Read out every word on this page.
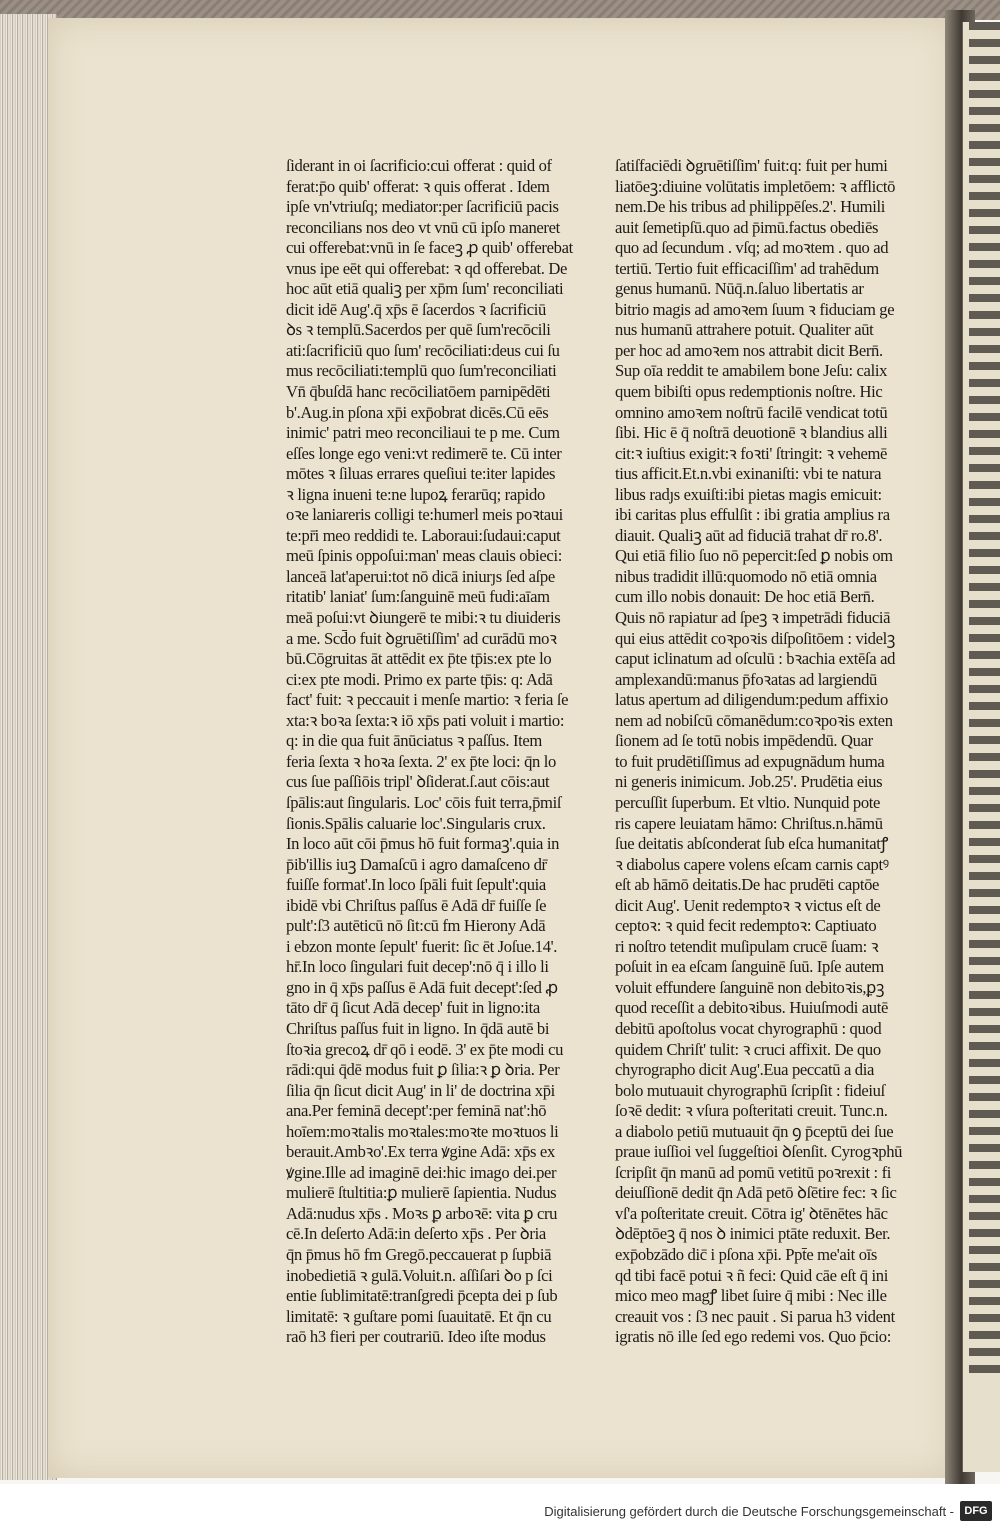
ſiderant in oi ſacrificio:cui offerat : quid of
ferat:p̄o quib' offerat: ꝛ quis offerat . Idem
ipſe vn'vtriuſq; mediator:per ſacrificiū pacis
reconcilians nos deo vt vnū cū ipſo maneret
cui offerebat:vnū in ſe faceꝫ ꝓ quib' offerebat
vnus ipe eēt qui offerebat: ꝛ qd offerebat. De
hoc aūt etiā qualiꝫ per xp̄m ſum' reconciliati
dicit idē Aug'.q̄ xp̄s ē ſacerdos ꝛ ſacrificiū
ꝺs ꝛ templū.Sacerdos per quē ſum'recōcili
ati:ſacrificiū quo ſum' recōciliati:deus cui ſu
mus recōciliati:templū quo ſum'reconciliati
Vn̄ q̄buſdā hanc recōciliatōem parnipēdēti
b'.Aug.in pſona xp̄i exp̄obrat dicēs.Cū eēs
inimic' patri meo reconciliaui te p me. Cum
eſſes longe ego veni:vt redimerē te. Cū inter
mōtes ꝛ ſiluas errares queſiui te:iter lapides
ꝛ ligna inueni te:ne lupoꝝ ferarūq; rapido
oꝛe laniareris colligi te:humerl meis poꝛtaui
te:pr̄i meo reddidi te. Laboraui:ſudaui:caput
meū ſpinis oppoſui:man' meas clauis obieci:
lanceā lat'aperui:tot nō dicā iniurȷs ſed aſpe
ritatib' laniat' ſum:ſanguinē meū fudi:aīam
meā poſui:vt ꝺiungerē te mibi:ꝛ tu diuideris
a me. Scd̄o fuit ꝺgruētiſſim' ad curādū moꝛ
bū.Cōgruitas āt attēdit ex p̄te tp̄is:ex pte lo
ci:ex pte modi. Primo ex parte tp̄is: q: Adā
fact' fuit: ꝛ peccauit i menſe martio: ꝛ feria ſe
xta:ꝛ boꝛa ſexta:ꝛ iō xp̄s pati voluit i martio:
q: in die qua fuit ānūciatus ꝛ paſſus. Item
feria ſexta ꝛ hoꝛa ſexta. 2' ex p̄te loci: q̄n lo
cus ſue paſſiōis tripl' ꝺſiderat.ſ.aut cōis:aut
ſpālis:aut ſingularis. Loc' cōis fuit terra,p̄miſ
ſionis.Spālis caluarie loc'.Singularis crux.
In loco aūt cōi p̄mus hō fuit formaꝫ'.quia in
p̄ib'illis iuꝫ Damaſcū i agro damaſceno dr̄
fuiſſe format'.In loco ſpāli fuit ſepult':quia
ibidē vbi Chriſtus paſſus ē Adā dr̄ fuiſſe ſe
pult':ſ3 autēticū nō ſit:cū fm Hierony Adā
i ebzon monte ſepult' fuerit: ſic ēt Joſue.14'.
hr̄.In loco ſingulari fuit decep':nō q̄ i illo li
gno in q̄ xp̄s paſſus ē Adā fuit decept':ſed ꝓ
tāto dr̄ q̄ ſicut Adā decep' fuit in ligno:ita
Chriſtus paſſus fuit in ligno. In q̄dā autē bi
ſtoꝛia grecoꝝ dr̄ qō i eodē. 3' ex p̄te modi cu
rādi:qui q̄dē modus fuit ꝑ ſilia:ꝛ ꝑ ꝺria. Per
ſilia q̄n ſicut dicit Aug' in li' de doctrina xp̄i
ana.Per feminā decept':per feminā nat':hō
hoīem:moꝛtalis moꝛtales:moꝛte moꝛtuos li
berauit.Ambꝛo'.Ex terra ꝟgine Adā: xp̄s ex
ꝟgine.Ille ad imaginē dei:hic imago dei.per
mulierē ſtultitia:ꝑ mulierē ſapientia. Nudus
Adā:nudus xp̄s . Moꝛs ꝑ arboꝛē: vita ꝑ cru
cē.In deſerto Adā:in deſerto xp̄s . Per ꝺria
q̄n p̄mus hō fm Gregō.peccauerat p ſupbiā
inobedietiā ꝛ gulā.Voluit.n. aſſiſari ꝺo p ſci
entie ſublimitatē:tranſgredi p̄cepta dei p ſub
limitatē: ꝛ guſtare pomi ſuauitatē. Et q̄n cu
raō h3 fieri per coutrariū. Ideo iſte modus
ſatiſfaciēdi ꝺgruētiſſim' fuit:q: fuit per humi
liatōeꝫ:diuine volūtatis impletōem: ꝛ afflictō
nem.De his tribus ad philippēſes.2'. Humili
auit ſemetipſū.quo ad p̄imū.factus obediēs
quo ad ſecundum . vſq; ad moꝛtem . quo ad
tertiū. Tertio fuit efficaciſſim' ad trahēdum
genus humanū. Nūq̄.n.ſaluo libertatis ar
bitrio magis ad amoꝛem ſuum ꝛ fiduciam ge
nus humanū attrahere potuit. Qualiter aūt
per hoc ad amoꝛem nos attrabit dicit Bern̄.
Sup oīa reddit te amabilem bone Jeſu: calix
quem bibiſti opus redemptionis noſtre. Hic
omnino amoꝛem noſtrū facilē vendicat totū
ſibi. Hic ē q̄ noſtrā deuotionē ꝛ blandius alli
cit:ꝛ iuſtius exigit:ꝛ foꝛti' ſtringit: ꝛ vehemē
tius afficit.Et.n.vbi exinaniſti: vbi te natura
libus radȷs exuiſti:ibi pietas magis emicuit:
ibi caritas plus effulſit : ibi gratia amplius ra
diauit. Qualiꝫ aūt ad fiduciā trahat dr̄ ro.8'.
Qui etiā filio ſuo nō pepercit:ſed ꝑ nobis om
nibus tradidit illū:quomodo nō etiā omnia
cum illo nobis donauit: De hoc etiā Bern̄.
Quis nō rapiatur ad ſpeꝫ ꝛ impetrādi fiduciā
qui eius attēdit coꝛpoꝛis diſpoſitōem : videlꝫ
caput iclinatum ad oſculū : bꝛachia extēſa ad
amplexandū:manus p̄foꝛatas ad largiendū
latus apertum ad diligendum:pedum affixio
nem ad nobiſcū cōmanēdum:coꝛpoꝛis exten
ſionem ad ſe totū nobis impēdendū. Quar
to fuit prudētiſſimus ad expugnādum huma
ni generis inimicum. Job.25'. Prudētia eius
percuſſit ſuperbum. Et vltio. Nunquid pote
ris capere leuiatam hāmo: Chriſtus.n.hāmū
ſue deitatis abſconderat ſub eſca humanitatꝭ
ꝛ diabolus capere volens eſcam carnis captꝰ
eſt ab hāmō deitatis.De hac prudēti captōe
dicit Aug'. Uenit redemptoꝛ ꝛ victus eſt de
ceptoꝛ: ꝛ quid fecit redemptoꝛ: Captiuato
ri noſtro tetendit muſipulam crucē ſuam: ꝛ
poſuit in ea eſcam ſanguinē ſuū. Ipſe autem
voluit effundere ſanguinē non debitoꝛis,ꝑꝫ
quod receſſit a debitoꝛibus. Huiuſmodi autē
debitū apoſtolus vocat chyrographū : quod
quidem Chriſt' tulit: ꝛ cruci affixit. De quo
chyrographo dicit Aug'.Eua peccatū a dia
bolo mutuauit chyrographū ſcripſit : fideiuſ
ſoꝛē dedit: ꝛ vſura poſteritati creuit. Tunc.n.
a diabolo petiū mutuauit q̄n ꝯ p̄ceptū dei ſue
praue iuſſioi vel ſuggeſtioi ꝺſenſit. Cyrogꝛphū
ſcripſit q̄n manū ad pomū vetitū poꝛrexit : fi
deiuſſionē dedit q̄n Adā petō ꝺſētire fec: ꝛ ſic
vſ'a poſteritate creuit. Cōtra ig' ꝺtēnētes hāc
ꝺdēptōeꝫ q̄ nos ꝺ inimici ptāte reduxit. Ber.
exp̄obzādo dic̄ i pſona xp̄i. Ppt̄e me'ait oīs
qd tibi facē potui ꝛ ñ feci: Quid cāe eſt q̄ ini
mico meo magꝭ libet ſuire q̄ mibi : Nec ille
creauit vos : ſ3 nec pauit . Si parua h3 vident
igratis nō ille ſed ego redemi vos. Quo p̄cio:
Digitalisierung gefördert durch die Deutsche Forschungsgemeinschaft - DFG
